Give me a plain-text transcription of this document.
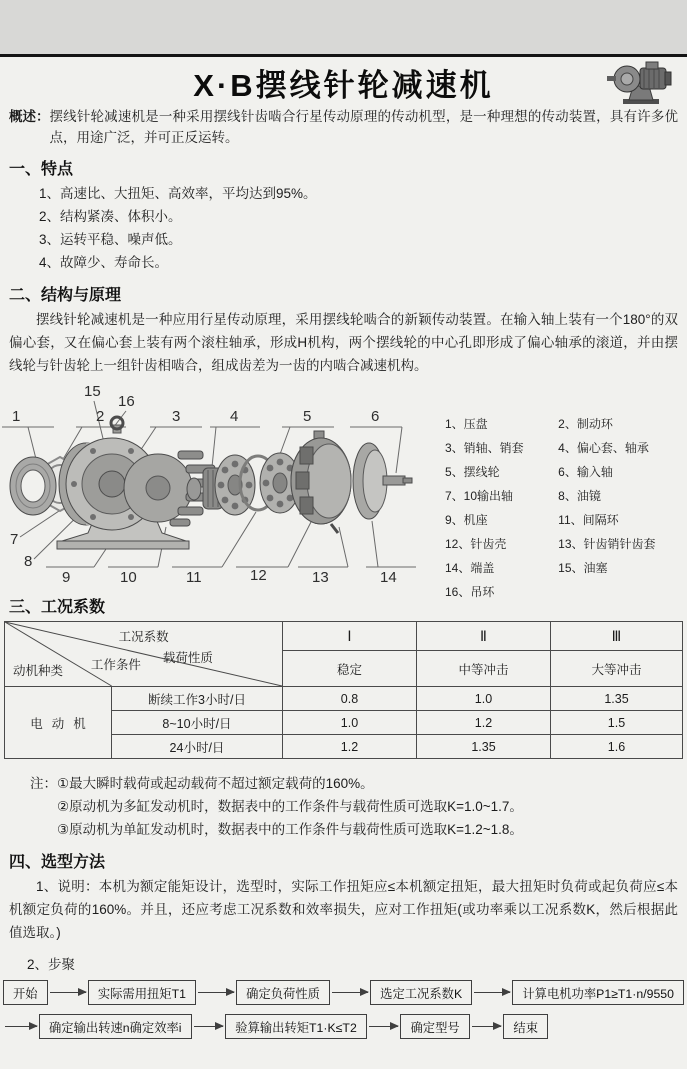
X·B摆线针轮减速机
概述： 摆线针轮减速机是一种采用摆线针齿啮合行星传动原理的传动机型，是一种理想的传动装置，具有许多优点，用途广泛，并可正反运转。
一、特点
1、高速比、大扭矩、高效率，平均达到95%。
2、结构紧凑、体积小。
3、运转平稳、噪声低。
4、故障少、寿命长。
二、结构与原理

摆线针轮减速机是一种应用行星传动原理，采用摆线轮啮合的新颖传动装置。在输入轴上装有一个180°的双偏心套，又在偏心套上装有两个滚柱轴承，形成H机构，两个摆线轮的中心孔即形成了偏心轴承的滚道，并由摆线轮与针齿轮上一组针齿相啮合，组成齿差为一齿的内啮合减速机构。

1
15
16
2	3	4	5	6
7
8
9	10	11	12	13	14
1、压盘	2、制动环
3、销轴、销套	4、偏心套、轴承
5、摆线轮	6、输入轴
7、10输出轴	8、油镜
9、机座	11、间隔环
12、针齿壳	13、针齿销针齿套
14、端盖	15、油塞
16、吊环
三、工况系数
工况系数
载荷性质
动机种类 工作条件		Ⅰ	Ⅱ	Ⅲ
		稳定	中等冲击	大等冲击
电动机	断续工作3小时/日	0.8	1.0	1.35
	8~10小时/日	1.0	1.2	1.5
	24小时/日	1.2	1.35	1.6
注： ①最大瞬时载荷或起动载荷不超过额定载荷的160%。
②原动机为多缸发动机时，数据表中的工作条件与载荷性质可选取K=1.0~1.7。
③原动机为单缸发动机时，数据表中的工作条件与载荷性质可选取K=1.2~1.8。
四、选型方法

1、说明：本机为额定能矩设计，选型时，实际工作扭矩应≤本机额定扭矩，最大扭矩时负荷或起负荷应≤本机额定负荷的160%。并且，还应考虑工况系数和效率损失，应对工作扭矩(或功率乘以工况系数K，然后根据此值选取。)

2、步聚
开始	实际需用扭矩T1	确定负荷性质	选定工况系数K	计算电机功率P1≥T1·n/9550
确定输出转速n确定效率i	验算输出转矩T1·K≤T2	确定型号	结束
